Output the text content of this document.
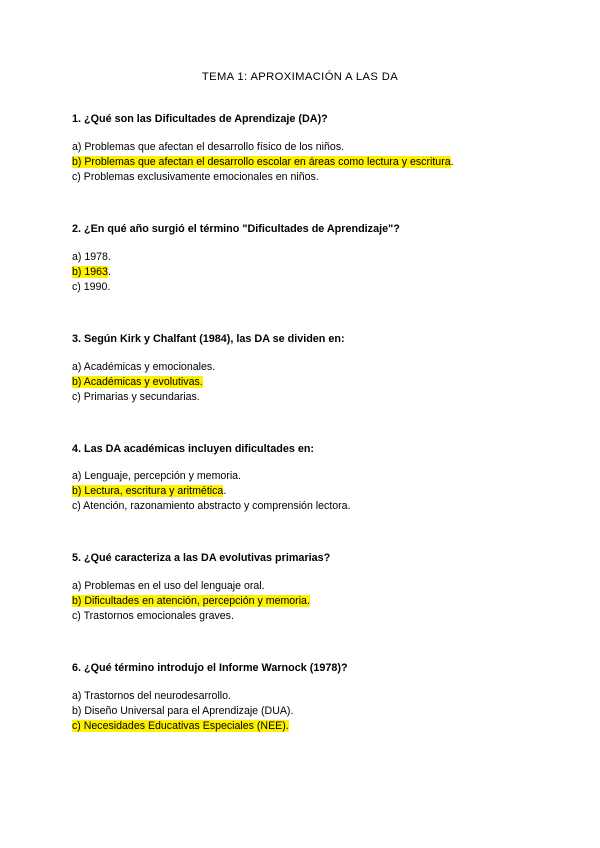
TEMA 1: APROXIMACIÓN A LAS DA
1. ¿Qué son las Dificultades de Aprendizaje (DA)?
a) Problemas que afectan el desarrollo físico de los niños.
b) Problemas que afectan el desarrollo escolar en áreas como lectura y escritura.
c) Problemas exclusivamente emocionales en niños.
2. ¿En qué año surgió el término "Dificultades de Aprendizaje"?
a) 1978.
b) 1963.
c) 1990.
3. Según Kirk y Chalfant (1984), las DA se dividen en:
a) Académicas y emocionales.
b) Académicas y evolutivas.
c) Primarias y secundarias.
4. Las DA académicas incluyen dificultades en:
a) Lenguaje, percepción y memoria.
b) Lectura, escritura y aritmética.
c) Atención, razonamiento abstracto y comprensión lectora.
5. ¿Qué caracteriza a las DA evolutivas primarias?
a) Problemas en el uso del lenguaje oral.
b) Dificultades en atención, percepción y memoria.
c) Trastornos emocionales graves.
6. ¿Qué término introdujo el Informe Warnock (1978)?
a) Trastornos del neurodesarrollo.
b) Diseño Universal para el Aprendizaje (DUA).
c) Necesidades Educativas Especiales (NEE).
